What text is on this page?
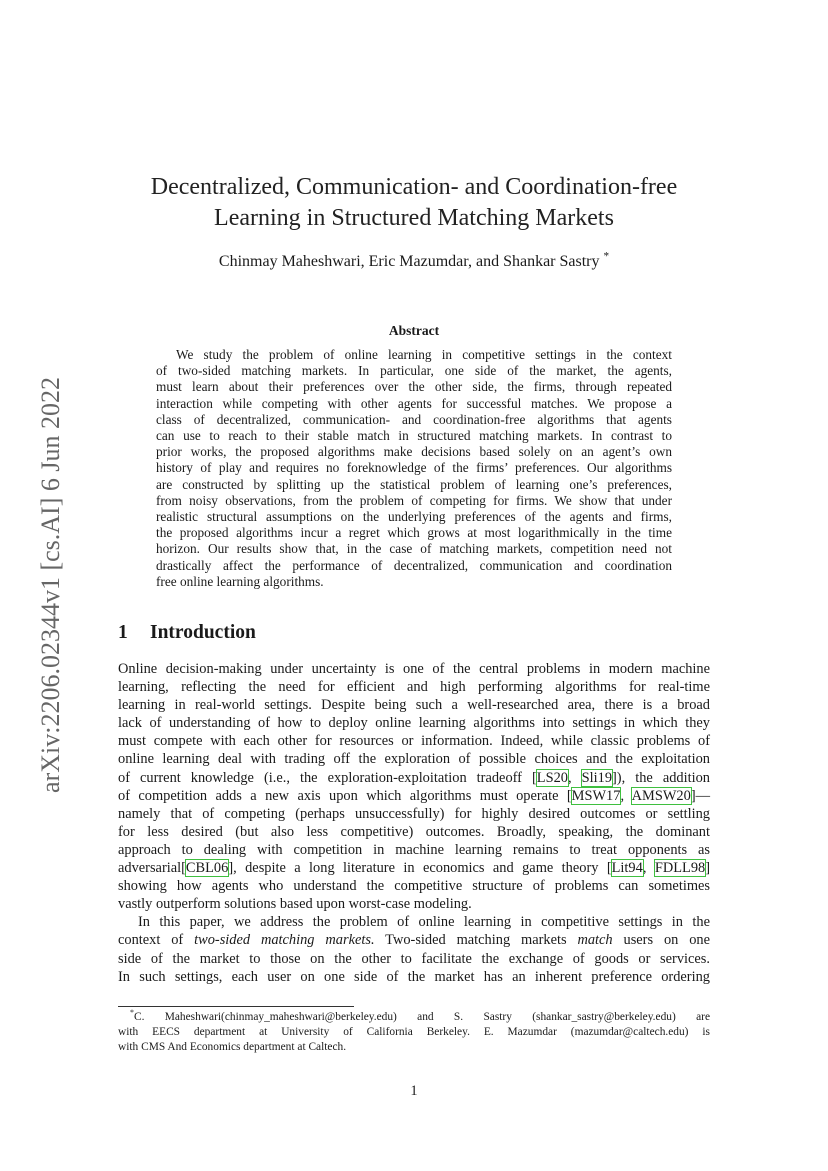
arXiv:2206.02344v1 [cs.AI] 6 Jun 2022
Decentralized, Communication- and Coordination-free
Learning in Structured Matching Markets
Chinmay Maheshwari, Eric Mazumdar, and Shankar Sastry *
Abstract
We study the problem of online learning in competitive settings in the context
of two-sided matching markets. In particular, one side of the market, the agents,
must learn about their preferences over the other side, the firms, through repeated
interaction while competing with other agents for successful matches. We propose a
class of decentralized, communication- and coordination-free algorithms that agents
can use to reach to their stable match in structured matching markets. In contrast to
prior works, the proposed algorithms make decisions based solely on an agent’s own
history of play and requires no foreknowledge of the firms’ preferences. Our algorithms
are constructed by splitting up the statistical problem of learning one’s preferences,
from noisy observations, from the problem of competing for firms. We show that under
realistic structural assumptions on the underlying preferences of the agents and firms,
the proposed algorithms incur a regret which grows at most logarithmically in the time
horizon. Our results show that, in the case of matching markets, competition need not
drastically affect the performance of decentralized, communication and coordination
free online learning algorithms.
1 Introduction
Online decision-making under uncertainty is one of the central problems in modern machine
learning, reflecting the need for efficient and high performing algorithms for real-time
learning in real-world settings. Despite being such a well-researched area, there is a broad
lack of understanding of how to deploy online learning algorithms into settings in which they
must compete with each other for resources or information. Indeed, while classic problems of
online learning deal with trading off the exploration of possible choices and the exploitation
of current knowledge (i.e., the exploration-exploitation tradeoff [LS20, Sli19]), the addition
of competition adds a new axis upon which algorithms must operate [MSW17, AMSW20]—
namely that of competing (perhaps unsuccessfully) for highly desired outcomes or settling
for less desired (but also less competitive) outcomes. Broadly, speaking, the dominant
approach to dealing with competition in machine learning remains to treat opponents as
adversarial[CBL06], despite a long literature in economics and game theory [Lit94, FDLL98]
showing how agents who understand the competitive structure of problems can sometimes
vastly outperform solutions based upon worst-case modeling.
In this paper, we address the problem of online learning in competitive settings in the
context of two-sided matching markets. Two-sided matching markets match users on one
side of the market to those on the other to facilitate the exchange of goods or services.
In such settings, each user on one side of the market has an inherent preference ordering
*C. Maheshwari(chinmay_maheshwari@berkeley.edu) and S. Sastry (shankar_sastry@berkeley.edu) are
with EECS department at University of California Berkeley. E. Mazumdar (mazumdar@caltech.edu) is
with CMS And Economics department at Caltech.
1
